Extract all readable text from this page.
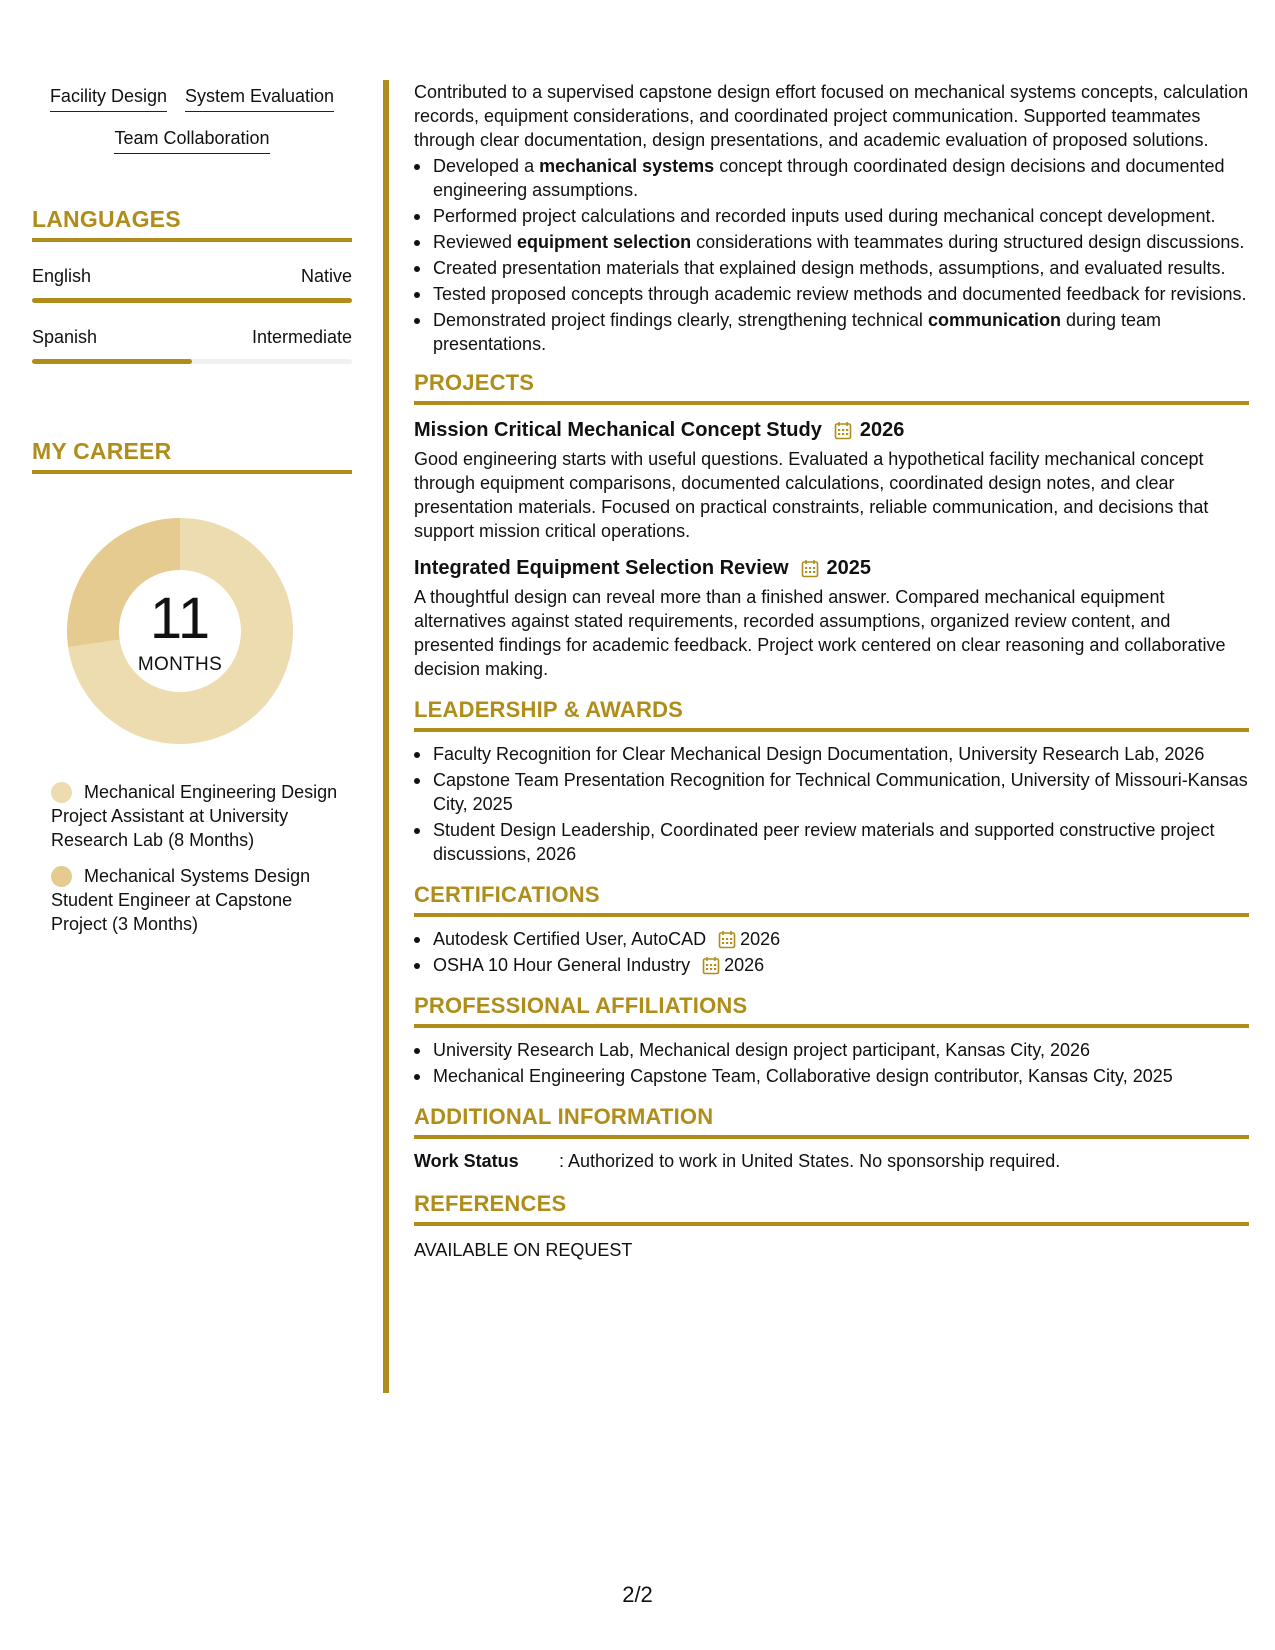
Facility Design System Evaluation
Team Collaboration
LANGUAGES
English	Native
Spanish	Intermediate
MY CAREER
11
MONTHS
Mechanical Engineering Design Project Assistant at University Research Lab (8 Months)
Mechanical Systems Design Student Engineer at Capstone Project (3 Months)

Contributed to a supervised capstone design effort focused on mechanical systems concepts, calculation records, equipment considerations, and coordinated project communication. Supported teammates through clear documentation, design presentations, and academic evaluation of proposed solutions.

Developed a mechanical systems concept through coordinated design decisions and documented engineering assumptions.
Performed project calculations and recorded inputs used during mechanical concept development.
Reviewed equipment selection considerations with teammates during structured design discussions.
Created presentation materials that explained design methods, assumptions, and evaluated results.
Tested proposed concepts through academic review methods and documented feedback for revisions.
Demonstrated project findings clearly, strengthening technical communication during team presentations.
PROJECTS
Mission Critical Mechanical Concept Study 2026

Good engineering starts with useful questions. Evaluated a hypothetical facility mechanical concept through equipment comparisons, documented calculations, coordinated design notes, and clear presentation materials. Focused on practical constraints, reliable communication, and decisions that support mission critical operations.

Integrated Equipment Selection Review 2025

A thoughtful design can reveal more than a finished answer. Compared mechanical equipment alternatives against stated requirements, recorded assumptions, organized review content, and presented findings for academic feedback. Project work centered on clear reasoning and collaborative decision making.

LEADERSHIP & AWARDS
Faculty Recognition for Clear Mechanical Design Documentation, University Research Lab, 2026
Capstone Team Presentation Recognition for Technical Communication, University of Missouri-Kansas City, 2025
Student Design Leadership, Coordinated peer review materials and supported constructive project discussions, 2026
CERTIFICATIONS
Autodesk Certified User, AutoCAD 2026
OSHA 10 Hour General Industry 2026
PROFESSIONAL AFFILIATIONS
University Research Lab, Mechanical design project participant, Kansas City, 2026
Mechanical Engineering Capstone Team, Collaborative design contributor, Kansas City, 2025
ADDITIONAL INFORMATION
Work Status	: Authorized to work in United States. No sponsorship required.
REFERENCES
AVAILABLE ON REQUEST
2/2
